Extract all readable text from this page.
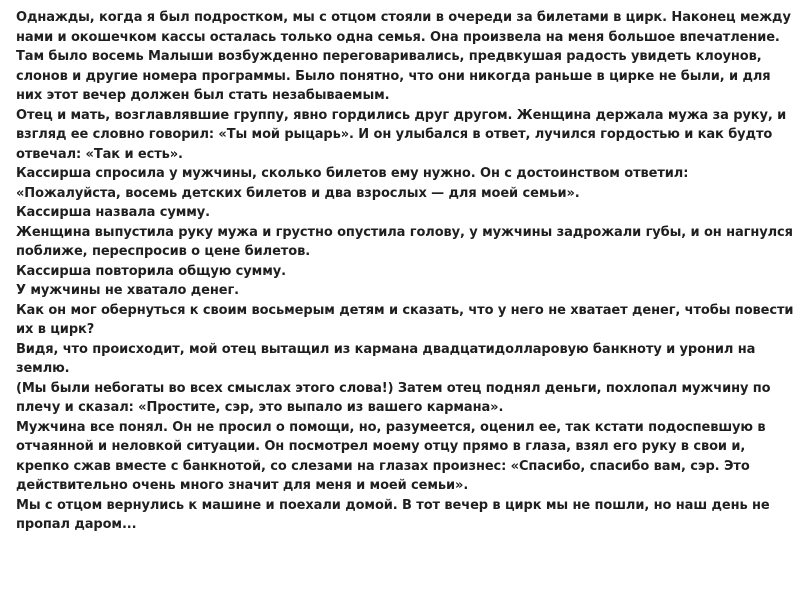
Однажды, когда я был подростком, мы с отцом стояли в очереди за билетами в цирк. Наконец между нами и окошечком кассы осталась только одна семья. Она произвела на меня большое впечатление. Там было восемь Малыши возбужденно переговаривались, предвкушая радость увидеть клоунов, слонов и другие номера программы. Было понятно, что они никогда раньше в цирке не были, и для них этот вечер должен был стать незабываемым.

Отец и мать, возглавлявшие группу, явно гордились друг другом. Женщина держала мужа за руку, и взгляд ее словно говорил: «Ты мой рыцарь». И он улыбался в ответ, лучился гордостью и как будто отвечал: «Так и есть».

Кассирша спросила у мужчины, сколько билетов ему нужно. Он с достоинством ответил: «Пожалуйста, восемь детских билетов и два взрослых — для моей семьи».

Кассирша назвала сумму.

Женщина выпустила руку мужа и грустно опустила голову, у мужчины задрожали губы, и он нагнулся поближе, переспросив о цене билетов.

Кассирша повторила общую сумму.

У мужчины не хватало денег.

Как он мог обернуться к своим восьмерым детям и сказать, что у него не хватает денег, чтобы повести их в цирк?

Видя, что происходит, мой отец вытащил из кармана двадцатидолларовую банкноту и уронил на землю.

(Мы были небогаты во всех смыслах этого слова!) Затем отец поднял деньги, похлопал мужчину по плечу и сказал: «Простите, сэр, это выпало из вашего кармана».

Мужчина все понял. Он не просил о помощи, но, разумеется, оценил ее, так кстати подоспевшую в отчаянной и неловкой ситуации. Он посмотрел моему отцу прямо в глаза, взял его руку в свои и, крепко сжав вместе с банкнотой, со слезами на глазах произнес: «Спасибо, спасибо вам, сэр. Это действительно очень много значит для меня и моей семьи».

Мы с отцом вернулись к машине и поехали домой. В тот вечер в цирк мы не пошли, но наш день не пропал даром...
